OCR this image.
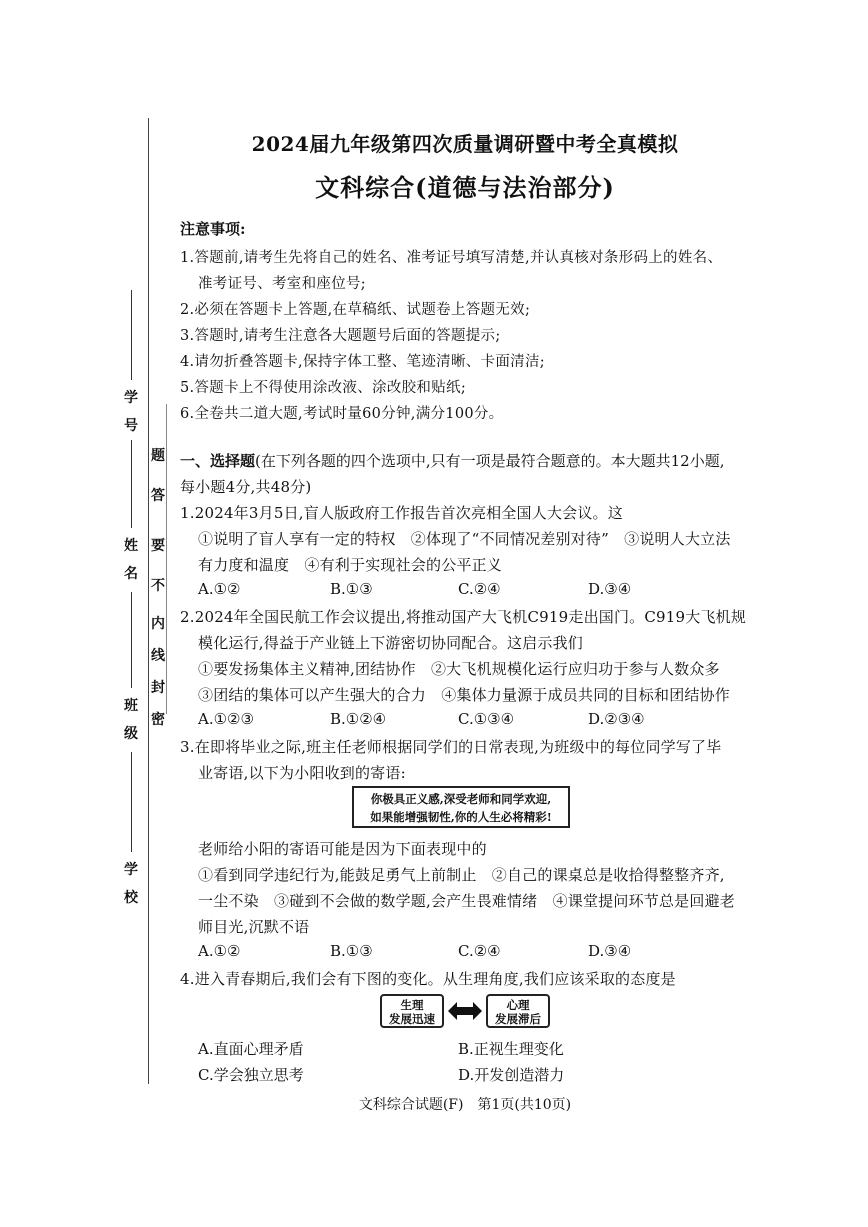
学号
姓名
班级
学校
密
封
线
内
不
要
答
题
2024届九年级第四次质量调研暨中考全真模拟
文科综合(道德与法治部分)
注意事项:
1.答题前,请考生先将自己的姓名、准考证号填写清楚,并认真核对条形码上的姓名、
准考证号、考室和座位号;
2.必须在答题卡上答题,在草稿纸、试题卷上答题无效;
3.答题时,请考生注意各大题题号后面的答题提示;
4.请勿折叠答题卡,保持字体工整、笔迹清晰、卡面清洁;
5.答题卡上不得使用涂改液、涂改胶和贴纸;
6.全卷共二道大题,考试时量60分钟,满分100分。
一、选择题(在下列各题的四个选项中,只有一项是最符合题意的。本大题共12小题,
每小题4分,共48分)
1.2024年3月5日,盲人版政府工作报告首次亮相全国人大会议。这
①说明了盲人享有一定的特权　②体现了“不同情况差别对待”　③说明人大立法
有力度和温度　④有利于实现社会的公平正义
A.①②	B.①③	C.②④	D.③④
2.2024年全国民航工作会议提出,将推动国产大飞机C919走出国门。C919大飞机规
模化运行,得益于产业链上下游密切协同配合。这启示我们
①要发扬集体主义精神,团结协作　②大飞机规模化运行应归功于参与人数众多
③团结的集体可以产生强大的合力　④集体力量源于成员共同的目标和团结协作
A.①②③	B.①②④	C.①③④	D.②③④
3.在即将毕业之际,班主任老师根据同学们的日常表现,为班级中的每位同学写了毕
业寄语,以下为小阳收到的寄语:
你极具正义感,深受老师和同学欢迎,
如果能增强韧性,你的人生必将精彩!
老师给小阳的寄语可能是因为下面表现中的
①看到同学违纪行为,能鼓足勇气上前制止　②自己的课桌总是收拾得整整齐齐,
一尘不染　③碰到不会做的数学题,会产生畏难情绪　④课堂提问环节总是回避老
师目光,沉默不语
A.①②	B.①③	C.②④	D.③④
4.进入青春期后,我们会有下图的变化。从生理角度,我们应该采取的态度是
生理
发展迅速
心理
发展滞后
A.直面心理矛盾	B.正视生理变化
C.学会独立思考	D.开发创造潜力
文科综合试题(F)　第1页(共10页)
